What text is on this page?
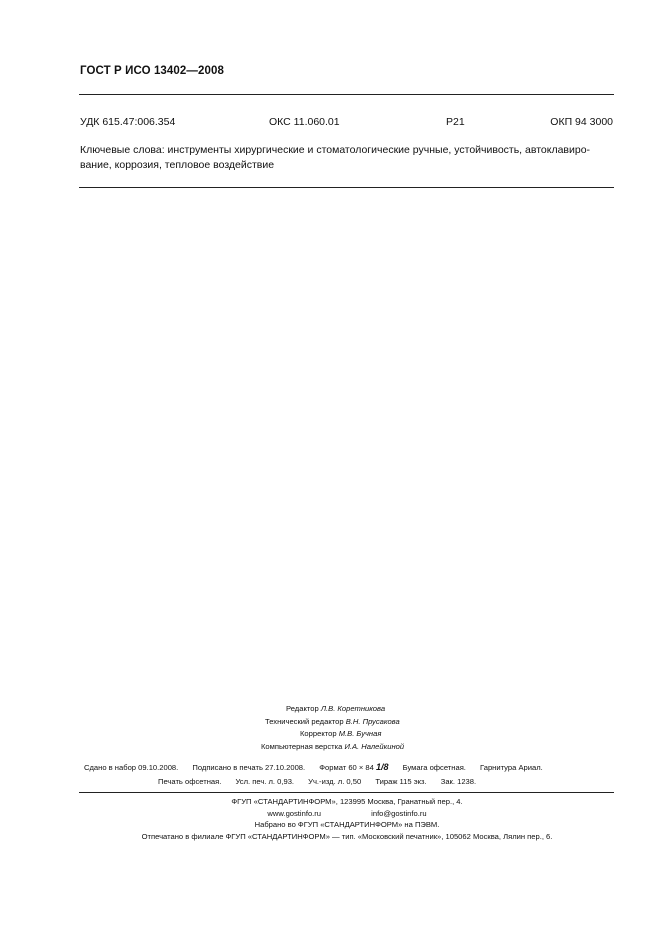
ГОСТ Р ИСО 13402—2008
УДК 615.47:006.354	ОКС 11.060.01	Р21	ОКП 94 3000
Ключевые слова: инструменты хирургические и стоматологические ручные, устойчивость, автоклавиро-
вание, коррозия, тепловое воздействие
Редактор Л.В. Коретникова
Технический редактор В.Н. Прусакова
Корректор М.В. Бучная
Компьютерная верстка И.А. Налейкиной
Сдано в набор 09.10.2008. Подписано в печать 27.10.2008. Формат 60 × 84 1/8 Бумага офсетная. Гарнитура Ариал.
Печать офсетная. Усл. печ. л. 0,93. Уч.-изд. л. 0,50 Тираж 115 экз. Зак. 1238.
ФГУП «СТАНДАРТИНФОРМ», 123995 Москва, Гранатный пер., 4.
www.gostinfo.ru	info@gostinfo.ru
Набрано во ФГУП «СТАНДАРТИНФОРМ» на ПЭВМ.
Отпечатано в филиале ФГУП «СТАНДАРТИНФОРМ» — тип. «Московский печатник», 105062 Москва, Лялин пер., 6.
